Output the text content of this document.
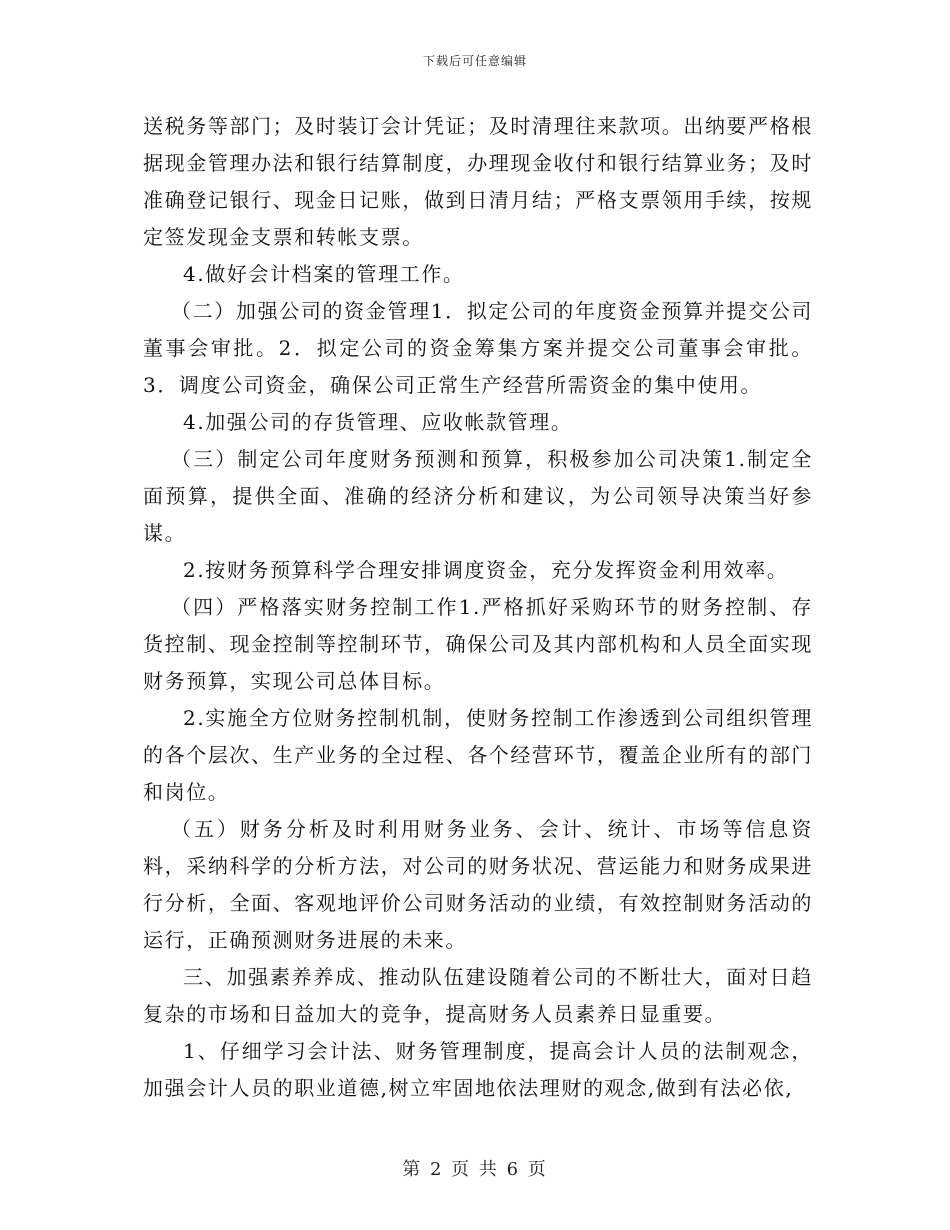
下载后可任意编辑

送税务等部门；及时装订会计凭证；及时清理往来款项。出纳要严格根据现金管理办法和银行结算制度，办理现金收付和银行结算业务；及时准确登记银行、现金日记账，做到日清月结；严格支票领用手续，按规定签发现金支票和转帐支票。

4.做好会计档案的管理工作。

（二）加强公司的资金管理1．拟定公司的年度资金预算并提交公司董事会审批。2．拟定公司的资金筹集方案并提交公司董事会审批。3．调度公司资金，确保公司正常生产经营所需资金的集中使用。

4.加强公司的存货管理、应收帐款管理。

（三）制定公司年度财务预测和预算，积极参加公司决策1.制定全面预算，提供全面、准确的经济分析和建议，为公司领导决策当好参谋。

2.按财务预算科学合理安排调度资金，充分发挥资金利用效率。

（四）严格落实财务控制工作1.严格抓好采购环节的财务控制、存货控制、现金控制等控制环节，确保公司及其内部机构和人员全面实现财务预算，实现公司总体目标。

2.实施全方位财务控制机制，使财务控制工作渗透到公司组织管理的各个层次、生产业务的全过程、各个经营环节，覆盖企业所有的部门和岗位。

（五）财务分析及时利用财务业务、会计、统计、市场等信息资料，采纳科学的分析方法，对公司的财务状况、营运能力和财务成果进行分析，全面、客观地评价公司财务活动的业绩，有效控制财务活动的运行，正确预测财务进展的未来。

三、加强素养养成、推动队伍建设随着公司的不断壮大，面对日趋复杂的市场和日益加大的竞争，提高财务人员素养日显重要。

1、仔细学习会计法、财务管理制度，提高会计人员的法制观念，加强会计人员的职业道德,树立牢固地依法理财的观念,做到有法必依,

第 2 页 共 6 页
